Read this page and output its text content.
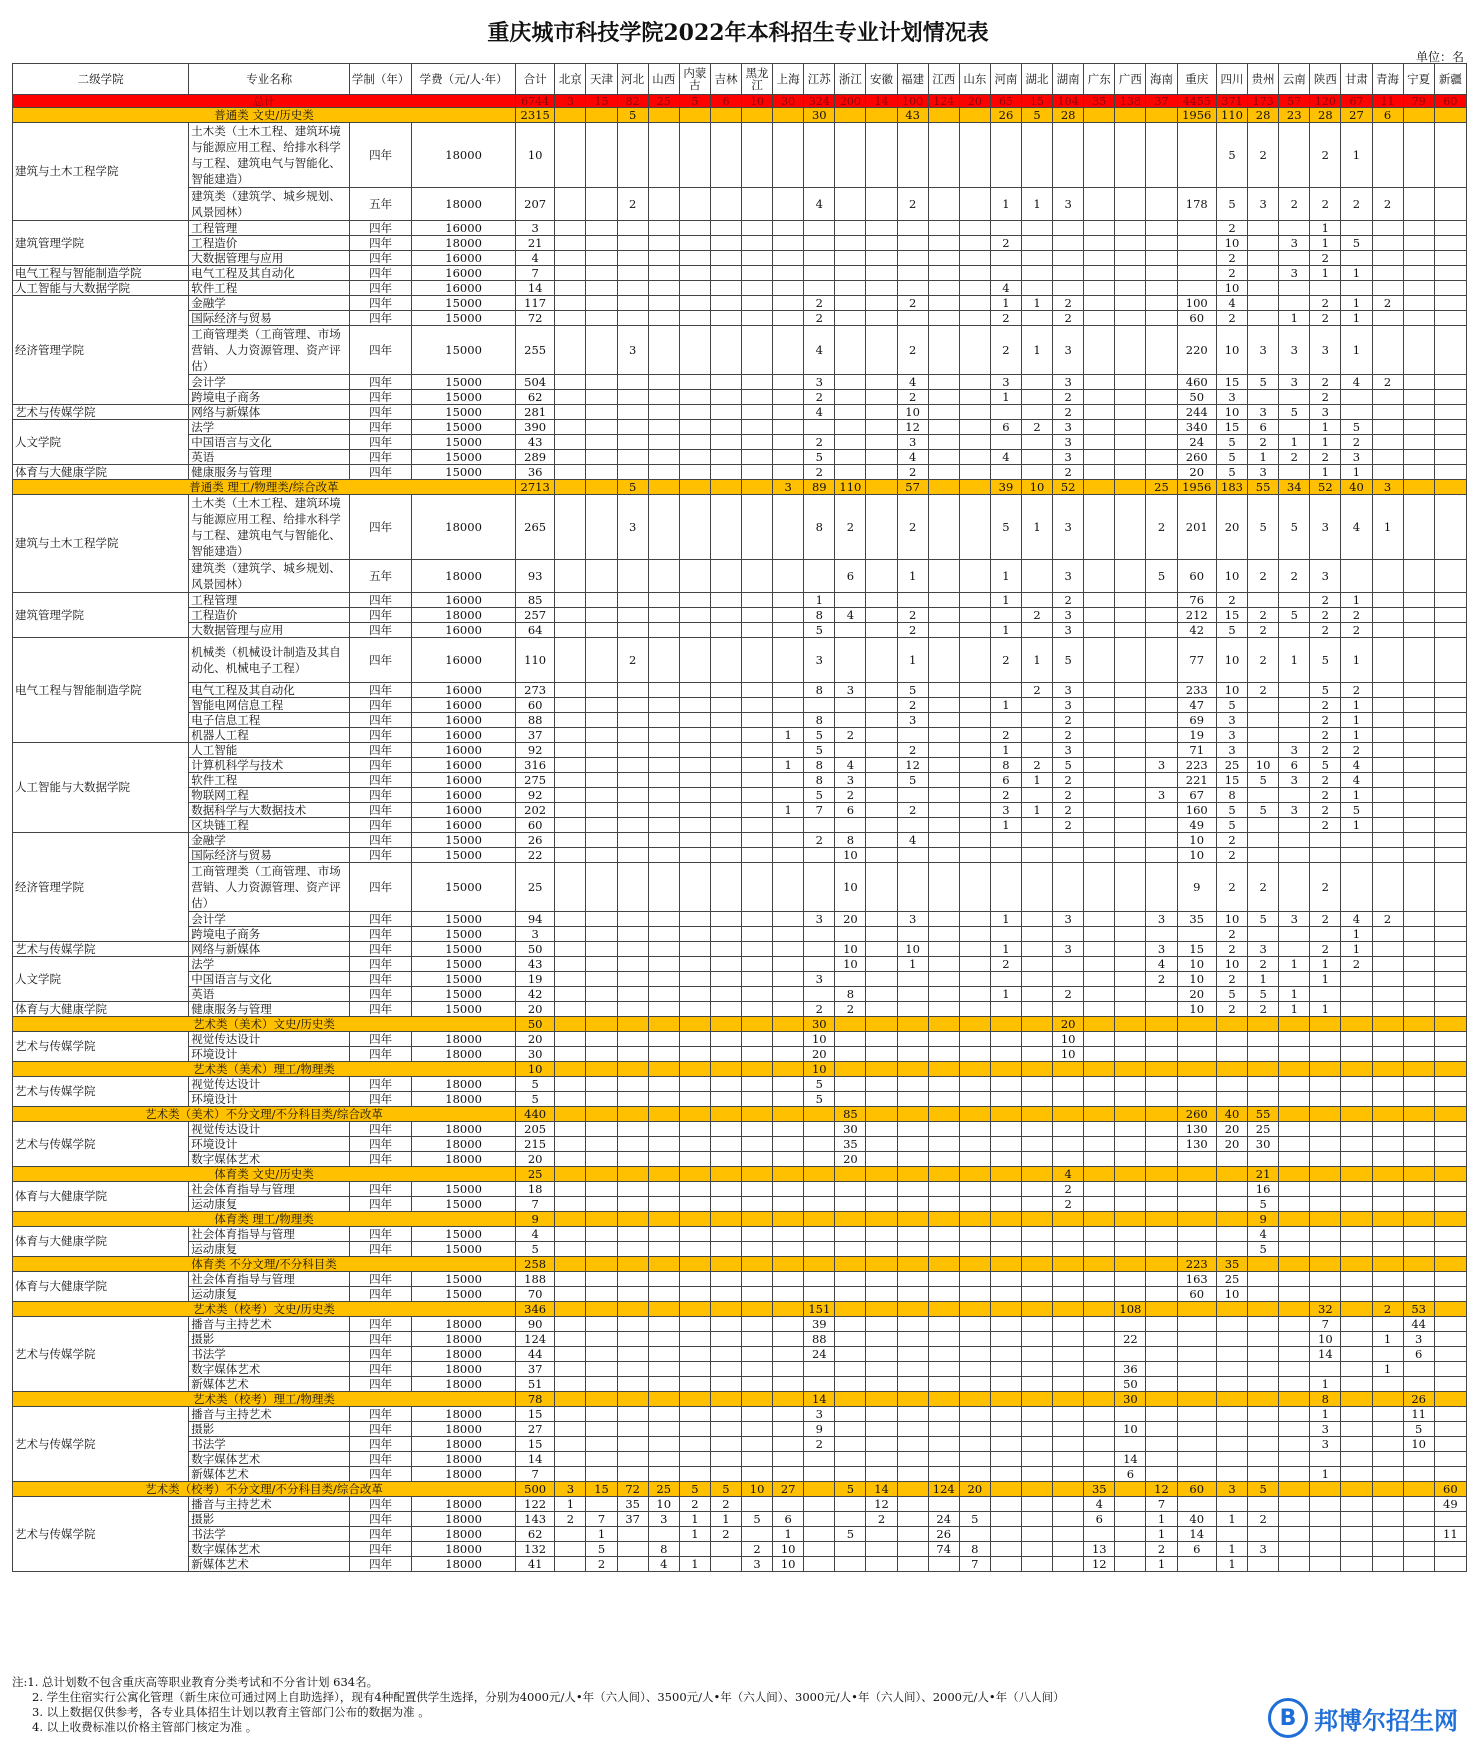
重庆城市科技学院2022年本科招生专业计划情况表
单位：名
二级学院	专业名称	学制（年）	学费（元/人·年）	合计	北京	天津	河北	山西	内蒙古	吉林	黑龙江	上海	江苏	浙江	安徽	福建	江西	山东	河南	湖北	湖南	广东	广西	海南	重庆	四川	贵州	云南	陕西	甘肃	青海	宁夏	新疆
总计				6744	3	15	82	25	5	6	10	30	324	200	14	100	124	20	65	15	104	35	138	37	4455	371	173	57	120	67	11	79	60
普通类 文史/历史类				2315			5						30			43			26	5	28				1956	110	28	23	28	27	6		
建筑与土木工程学院	土木类（土木工程、建筑环境与能源应用工程、给排水科学与工程、建筑电气与智能化、智能建造）	四年	18000	10																						5	2		2	1			
	建筑类（建筑学、城乡规划、风景园林）	五年	18000	207			2						4			2			1	1	3				178	5	3	2	2	2	2		
建筑管理学院	工程管理	四年	16000	3																						2			1				
	工程造价	四年	18000	21															2							10		3	1	5			
	大数据管理与应用	四年	16000	4																						2			2				
电气工程与智能制造学院	电气工程及其自动化	四年	16000	7																						2		3	1	1			
人工智能与大数据学院	软件工程	四年	16000	14															4							10							
经济管理学院	金融学	四年	15000	117									2			2			1	1	2				100	4			2	1	2		
	国际经济与贸易	四年	15000	72									2						2		2				60	2		1	2	1			
	工商管理类（工商管理、市场营销、人力资源管理、资产评估）	四年	15000	255			3						4			2			2	1	3				220	10	3	3	3	1			
	会计学	四年	15000	504									3			4			3		3				460	15	5	3	2	4	2		
	跨境电子商务	四年	15000	62									2			2			1		2				50	3			2				
艺术与传媒学院	网络与新媒体	四年	15000	281									4			10					2				244	10	3	5	3				
人文学院	法学	四年	15000	390												12			6	2	3				340	15	6		1	5			
	中国语言与文化	四年	15000	43									2			3					3				24	5	2	1	1	2			
	英语	四年	15000	289									5			4			4		3				260	5	1	2	2	3			
体育与大健康学院	健康服务与管理	四年	15000	36									2			2					2				20	5	3		1	1			
普通类 理工/物理类/综合改革				2713			5					3	89	110		57			39	10	52			25	1956	183	55	34	52	40	3		
建筑与土木工程学院	土木类（土木工程、建筑环境与能源应用工程、给排水科学与工程、建筑电气与智能化、智能建造）	四年	18000	265			3						8	2		2			5	1	3			2	201	20	5	5	3	4	1		
	建筑类（建筑学、城乡规划、风景园林）	五年	18000	93										6		1			1		3			5	60	10	2	2	3				
建筑管理学院	工程管理	四年	16000	85									1						1		2				76	2			2	1			
	工程造价	四年	18000	257									8	4		2				2	3				212	15	2	5	2	2			
	大数据管理与应用	四年	16000	64									5			2			1		3				42	5	2		2	2			
电气工程与智能制造学院	机械类（机械设计制造及其自动化、机械电子工程）	四年	16000	110			2						3			1			2	1	5				77	10	2	1	5	1			
	电气工程及其自动化	四年	16000	273									8	3		5				2	3				233	10	2		5	2			
	智能电网信息工程	四年	16000	60												2			1		3				47	5			2	1			
	电子信息工程	四年	16000	88									8			3					2				69	3			2	1			
	机器人工程	四年	16000	37								1	5	2					2		2				19	3			2	1			
人工智能与大数据学院	人工智能	四年	16000	92									5			2			1		3				71	3		3	2	2			
	计算机科学与技术	四年	16000	316								1	8	4		12			8	2	5			3	223	25	10	6	5	4			
	软件工程	四年	16000	275									8	3		5			6	1	2				221	15	5	3	2	4			
	物联网工程	四年	16000	92									5	2					2		2			3	67	8			2	1			
	数据科学与大数据技术	四年	16000	202								1	7	6		2			3	1	2				160	5	5	3	2	5			
	区块链工程	四年	16000	60															1		2				49	5			2	1			
经济管理学院	金融学	四年	15000	26									2	8		4									10	2							
	国际经济与贸易	四年	15000	22										10											10	2							
	工商管理类（工商管理、市场营销、人力资源管理、资产评估）	四年	15000	25										10											9	2	2		2				
	会计学	四年	15000	94									3	20		3			1		3			3	35	10	5	3	2	4	2		
	跨境电子商务	四年	15000	3																						2				1			
艺术与传媒学院	网络与新媒体	四年	15000	50										10		10			1		3			3	15	2	3		2	1			
人文学院	法学	四年	15000	43										10		1			2					4	10	10	2	1	1	2			
	中国语言与文化	四年	15000	19									3											2	10	2	1		1				
	英语	四年	15000	42										8					1		2				20	5	5	1					
体育与大健康学院	健康服务与管理	四年	15000	20									2	2											10	2	2	1	1				
艺术类（美术）文史/历史类				50									30								20												
艺术与传媒学院	视觉传达设计	四年	18000	20									10								10												
	环境设计	四年	18000	30									20								10												
艺术类（美术）理工/物理类				10									10																				
艺术与传媒学院	视觉传达设计	四年	18000	5									5																				
	环境设计	四年	18000	5									5																				
艺术类（美术）不分文理/不分科目类/综合改革				440										85											260	40	55						
艺术与传媒学院	视觉传达设计	四年	18000	205										30											130	20	25						
	环境设计	四年	18000	215										35											130	20	30						
	数字媒体艺术	四年	18000	20										20																			
体育类 文史/历史类				25																	4						21						
体育与大健康学院	社会体育指导与管理	四年	15000	18																	2						16						
	运动康复	四年	15000	7																	2						5						
体育类 理工/物理类				9																							9						
体育与大健康学院	社会体育指导与管理	四年	15000	4																							4						
	运动康复	四年	15000	5																							5						
体育类 不分文理/不分科目类				258																					223	35							
体育与大健康学院	社会体育指导与管理	四年	15000	188																					163	25							
	运动康复	四年	15000	70																					60	10							
艺术类（校考）文史/历史类				346									151										108						32		2	53	
艺术与传媒学院	播音与主持艺术	四年	18000	90									39																7			44	
	摄影	四年	18000	124									88										22						10		1	3	
	书法学	四年	18000	44									24																14			6	
	数字媒体艺术	四年	18000	37																			36								1		
	新媒体艺术	四年	18000	51																			50						1				
艺术类（校考）理工/物理类				78									14										30						8			26	
艺术与传媒学院	播音与主持艺术	四年	18000	15									3																1			11	
	摄影	四年	18000	27									9										10						3			5	
	书法学	四年	18000	15									2																3			10	
	数字媒体艺术	四年	18000	14																			14										
	新媒体艺术	四年	18000	7																			6						1				
艺术类（校考）不分文理/不分科目类/综合改革				500	3	15	72	25	5	5	10	27		5	14		124	20				35		12	60	3	5						60
艺术与传媒学院	播音与主持艺术	四年	18000	122	1		35	10	2	2					12							4		7									49
	摄影	四年	18000	143	2	7	37	3	1	1	5	6			2		24	5				6		1	40	1	2						
	书法学	四年	18000	62		1			1	2		1		5			26							1	14								11
	数字媒体艺术	四年	18000	132		5		8			2	10					74	8				13		2	6	1	3						
	新媒体艺术	四年	18000	41		2		4	1		3	10						7				12		1		1							
注:1. 总计划数不包含重庆高等职业教育分类考试和不分省计划 634名。
2. 学生住宿实行公寓化管理（新生床位可通过网上自助选择），现有4种配置供学生选择，分别为4000元/人•年（六人间）、3500元/人•年（六人间）、3000元/人•年（六人间）、2000元/人•年（八人间）
3. 以上数据仅供参考，各专业具体招生计划以教育主管部门公布的数据为准 。
4. 以上收费标准以价格主管部门核定为准 。	B 邦博尔招生网
